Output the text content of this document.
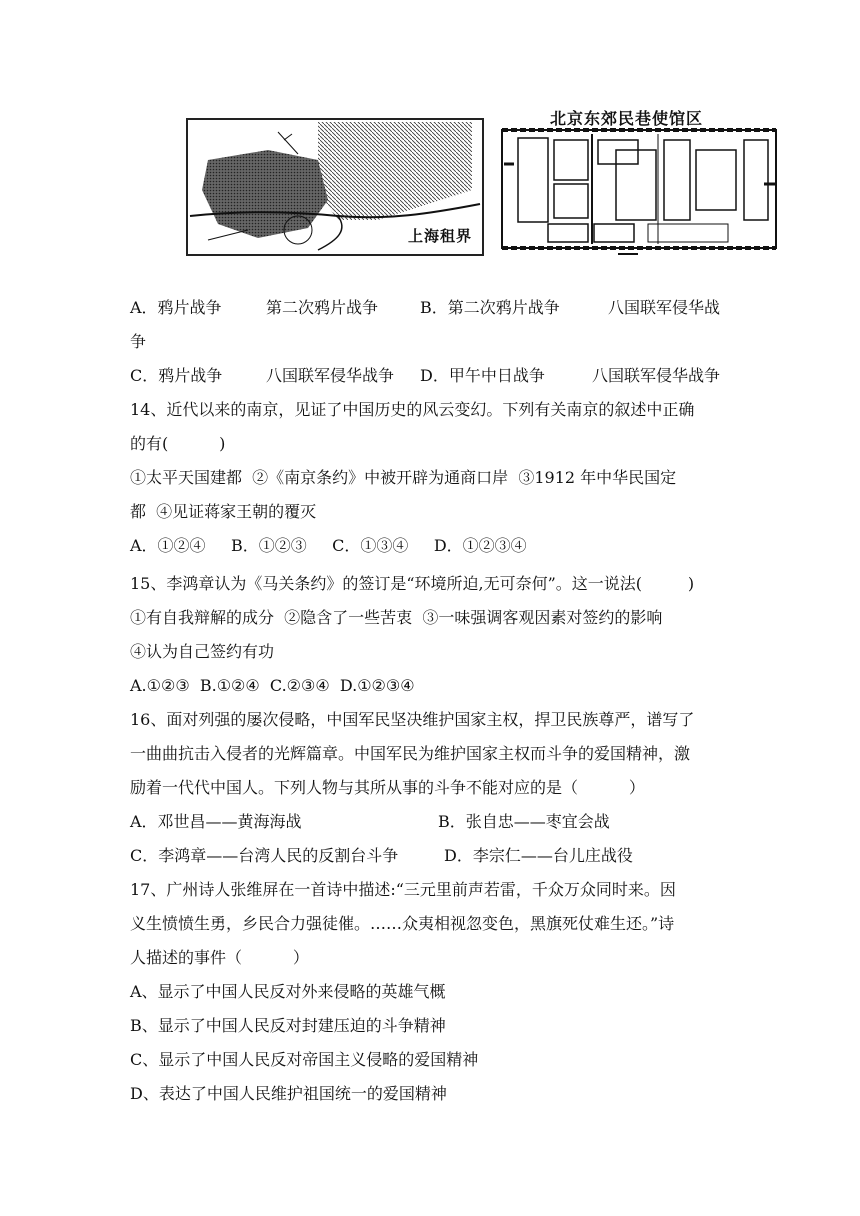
上海租界
北京东郊民巷使馆区
A．鸦片战争	第二次鸦片战争	B．第二次鸦片战争	八国联军侵华战
争
C．鸦片战争	八国联军侵华战争 D．甲午中日战争	八国联军侵华战争
14、近代以来的南京，见证了中国历史的风云变幻。下列有关南京的叙述中正确
的有(          )
①太平天国建都  ②《南京条约》中被开辟为通商口岸  ③1912 年中华民国定
都  ④见证蒋家王朝的覆灭
A．①②④     B．①②③     C．①③④     D．①②③④
15、李鸿章认为《马关条约》的签订是“环境所迫,无可奈何”。这一说法(         )
①有自我辩解的成分  ②隐含了一些苦衷  ③一味强调客观因素对签约的影响
④认为自己签约有功
A.①②③  B.①②④  C.②③④  D.①②③④
16、面对列强的屡次侵略，中国军民坚决维护国家主权，捍卫民族尊严，谱写了
一曲曲抗击入侵者的光辉篇章。中国军民为维护国家主权而斗争的爱国精神，激
励着一代代中国人。下列人物与其所从事的斗争不能对应的是（          ）
A．邓世昌——黄海海战	B．张自忠——枣宜会战
C．李鸿章——台湾人民的反割台斗争	D．李宗仁——台儿庄战役
17、广州诗人张维屏在一首诗中描述:“三元里前声若雷，千众万众同时来。因
义生愤愤生勇，乡民合力强徒催。……众夷相视忽变色，黑旗死仗难生还。”诗
人描述的事件（          ）
A、显示了中国人民反对外来侵略的英雄气概
B、显示了中国人民反对封建压迫的斗争精神
C、显示了中国人民反对帝国主义侵略的爱国精神
D、表达了中国人民维护祖国统一的爱国精神
